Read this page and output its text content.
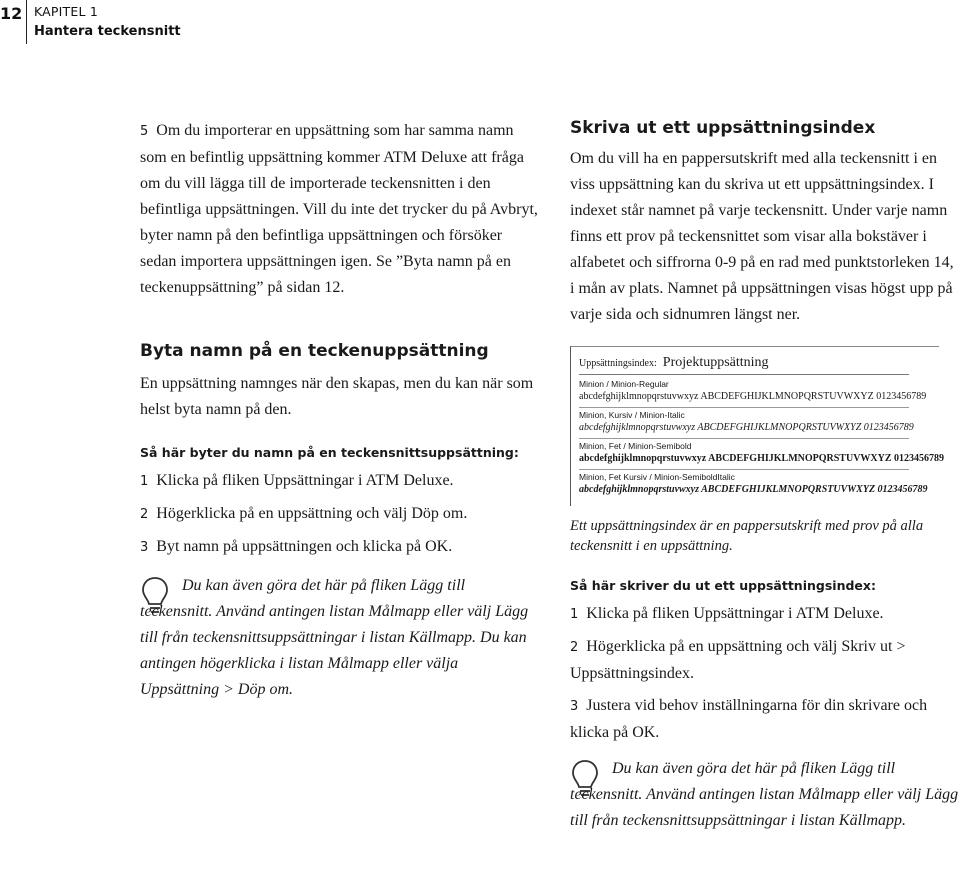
12 KAPITEL 1
Hantera teckensnitt

5 Om du importerar en uppsättning som har samma namn som en befintlig uppsättning kommer ATM Deluxe att fråga om du vill lägga till de importerade teckensnitten i den befintliga uppsättningen. Vill du inte det trycker du på Avbryt, byter namn på den befintliga uppsättningen och försöker sedan importera uppsättningen igen. Se ”Byta namn på en teckenuppsättning” på sidan 12.

Byta namn på en teckenuppsättning

En uppsättning namnges när den skapas, men du kan när som helst byta namn på den.

Så här byter du namn på en teckensnittsuppsättning:

1 Klicka på fliken Uppsättningar i ATM Deluxe.

2 Högerklicka på en uppsättning och välj Döp om.

3 Byt namn på uppsättningen och klicka på OK.

Du kan även göra det här på fliken Lägg till teckensnitt. Använd antingen listan Målmapp eller välj Lägg till från teckensnittsuppsättningar i listan Källmapp. Du kan antingen högerklicka i listan Målmapp eller välja Uppsättning > Döp om.

Skriva ut ett uppsättningsindex

Om du vill ha en pappersutskrift med alla teckensnitt i en viss uppsättning kan du skriva ut ett uppsättningsindex. I indexet står namnet på varje teckensnitt. Under varje namn finns ett prov på teckensnittet som visar alla bokstäver i alfabetet och siffrorna 0-9 på en rad med punktstorleken 14, i mån av plats. Namnet på uppsättningen visas högst upp på varje sida och sidnumren längst ner.

Uppsättningsindex: Projektuppsättning
Minion / Minion-Regular
abcdefghijklmnopqrstuvwxyz ABCDEFGHIJKLMNOPQRSTUVWXYZ 0123456789
Minion, Kursiv / Minion-Italic
abcdefghijklmnopqrstuvwxyz ABCDEFGHIJKLMNOPQRSTUVWXYZ 0123456789
Minion, Fet / Minion-Semibold
abcdefghijklmnopqrstuvwxyz ABCDEFGHIJKLMNOPQRSTUVWXYZ 0123456789
Minion, Fet Kursiv / Minion-SemiboldItalic
abcdefghijklmnopqrstuvwxyz ABCDEFGHIJKLMNOPQRSTUVWXYZ 0123456789

Ett uppsättningsindex är en pappersutskrift med prov på alla teckensnitt i en uppsättning.

Så här skriver du ut ett uppsättningsindex:

1 Klicka på fliken Uppsättningar i ATM Deluxe.

2 Högerklicka på en uppsättning och välj Skriv ut > Uppsättningsindex.

3 Justera vid behov inställningarna för din skrivare och klicka på OK.

Du kan även göra det här på fliken Lägg till teckensnitt. Använd antingen listan Målmapp eller välj Lägg till från teckensnittsuppsättningar i listan Källmapp.
